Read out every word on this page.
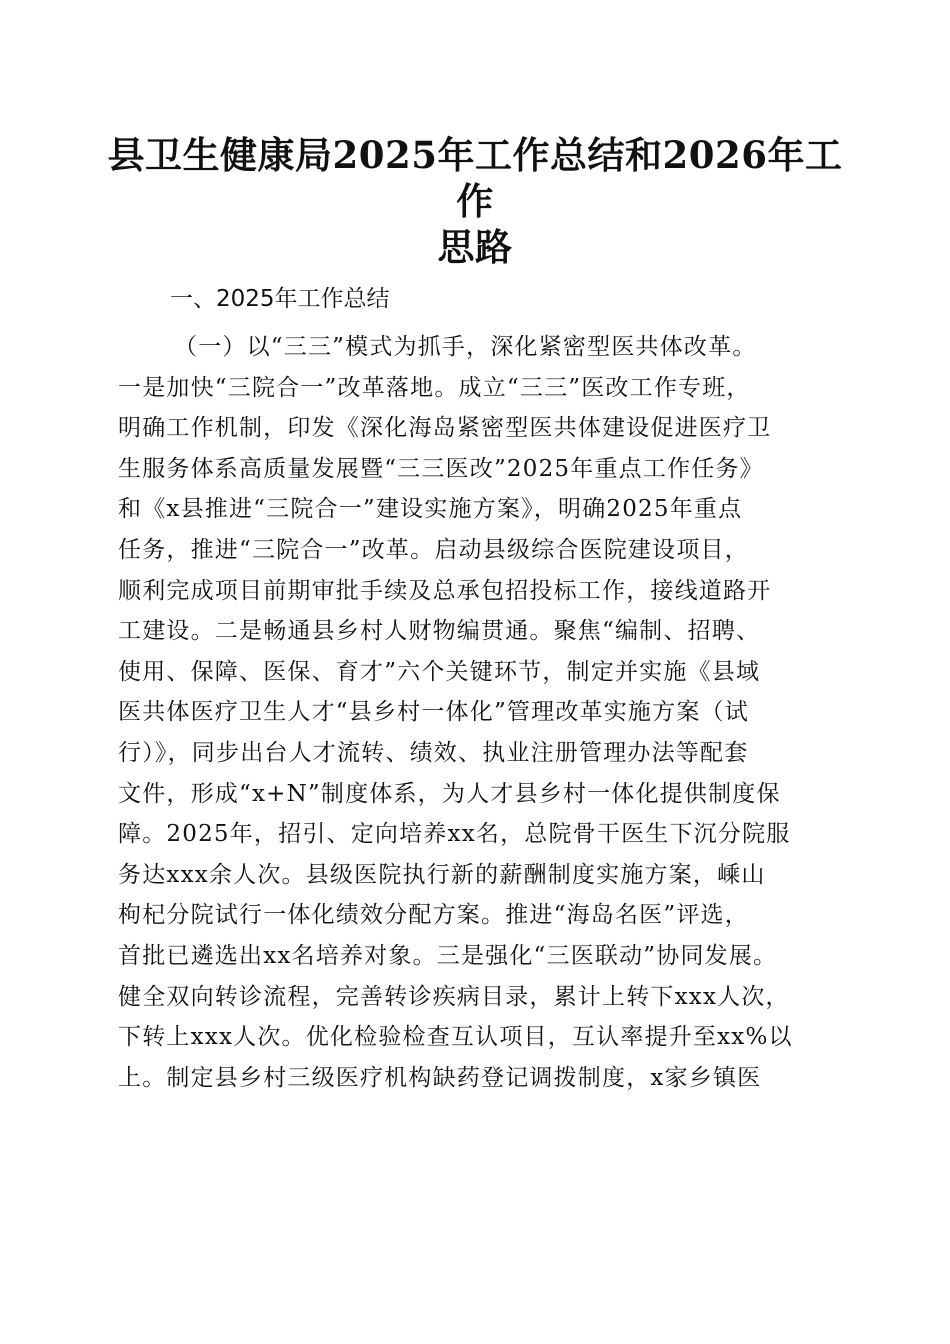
县卫生健康局2025年工作总结和2026年工作
思路
一、2025年工作总结
（一）以“三三”模式为抓手，深化紧密型医共体改革。
一是加快“三院合一”改革落地。成立“三三”医改工作专班，
明确工作机制，印发《深化海岛紧密型医共体建设促进医疗卫
生服务体系高质量发展暨“三三医改”2025年重点工作任务》
和《x县推进“三院合一”建设实施方案》，明确2025年重点
任务，推进“三院合一”改革。启动县级综合医院建设项目，
顺利完成项目前期审批手续及总承包招投标工作，接线道路开
工建设。二是畅通县乡村人财物编贯通。聚焦“编制、招聘、
使用、保障、医保、育才”六个关键环节，制定并实施《县域
医共体医疗卫生人才“县乡村一体化”管理改革实施方案（试
行）》，同步出台人才流转、绩效、执业注册管理办法等配套
文件，形成“x+N”制度体系，为人才县乡村一体化提供制度保
障。2025年，招引、定向培养xx名，总院骨干医生下沉分院服
务达xxx余人次。县级医院执行新的薪酬制度实施方案，嵊山
枸杞分院试行一体化绩效分配方案。推进“海岛名医”评选，
首批已遴选出xx名培养对象。三是强化“三医联动”协同发展。
健全双向转诊流程，完善转诊疾病目录，累计上转下xxx人次，
下转上xxx人次。优化检验检查互认项目，互认率提升至xx%以
上。制定县乡村三级医疗机构缺药登记调拨制度，x家乡镇医
